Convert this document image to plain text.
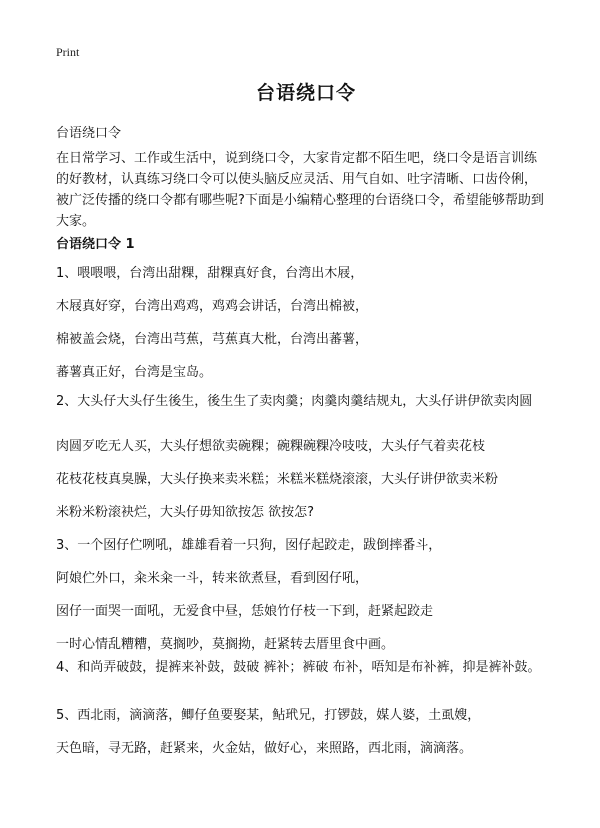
Print
台语绕口令
台语绕口令

在日常学习、工作或生活中，说到绕口令，大家肯定都不陌生吧，绕口令是语言训练的好教材，认真练习绕口令可以使头脑反应灵活、用气自如、吐字清晰、口齿伶俐，被广泛传播的绕口令都有哪些呢?下面是小编精心整理的台语绕口令，希望能够帮助到大家。

台语绕口令 1

1、喂喂喂，台湾出甜粿，甜粿真好食，台湾出木屐，

木屐真好穿，台湾出鸡鸡，鸡鸡会讲话，台湾出棉被，

棉被盖会烧，台湾出芎蕉，芎蕉真大枇，台湾出蕃薯，

蕃薯真正好，台湾是宝岛。

2、大头仔大头仔生後生，後生生了卖肉羹；肉羹肉羹结规丸，大头仔讲伊欲卖肉圆

肉圆歹吃无人买，大头仔想欲卖碗粿；碗粿碗粿冷吱吱，大头仔气着卖花枝

花枝花枝真臭臊，大头仔换来卖米糕；米糕米糕烧滚滚，大头仔讲伊欲卖米粉

米粉米粉滚袂烂，大头仔毋知欲按怎 欲按怎?

3、一个囡仔伫咧吼，雄雄看着一只狗，囡仔起跤走，跋倒摔番斗，

阿娘伫外口，籴米籴一斗，转来欲煮昼，看到囡仔吼，

囡仔一面哭一面吼，无爱食中昼，恁娘竹仔枝一下到，赶紧起跤走

一时心情乱糟糟，莫搁吵，莫搁拗，赶紧转去厝里食中画。

4、和尚弄破鼓，提裤来补鼓，鼓破 裤补；裤破 布补，唔知是布补裤，抑是裤补鼓。

5、西北雨，滴滴落，鲫仔鱼要娶某，鲇玳兄，打锣鼓，媒人婆，土虱嫂，

天色暗，寻无路，赶紧来，火金姑，做好心，来照路，西北雨，滴滴落。
